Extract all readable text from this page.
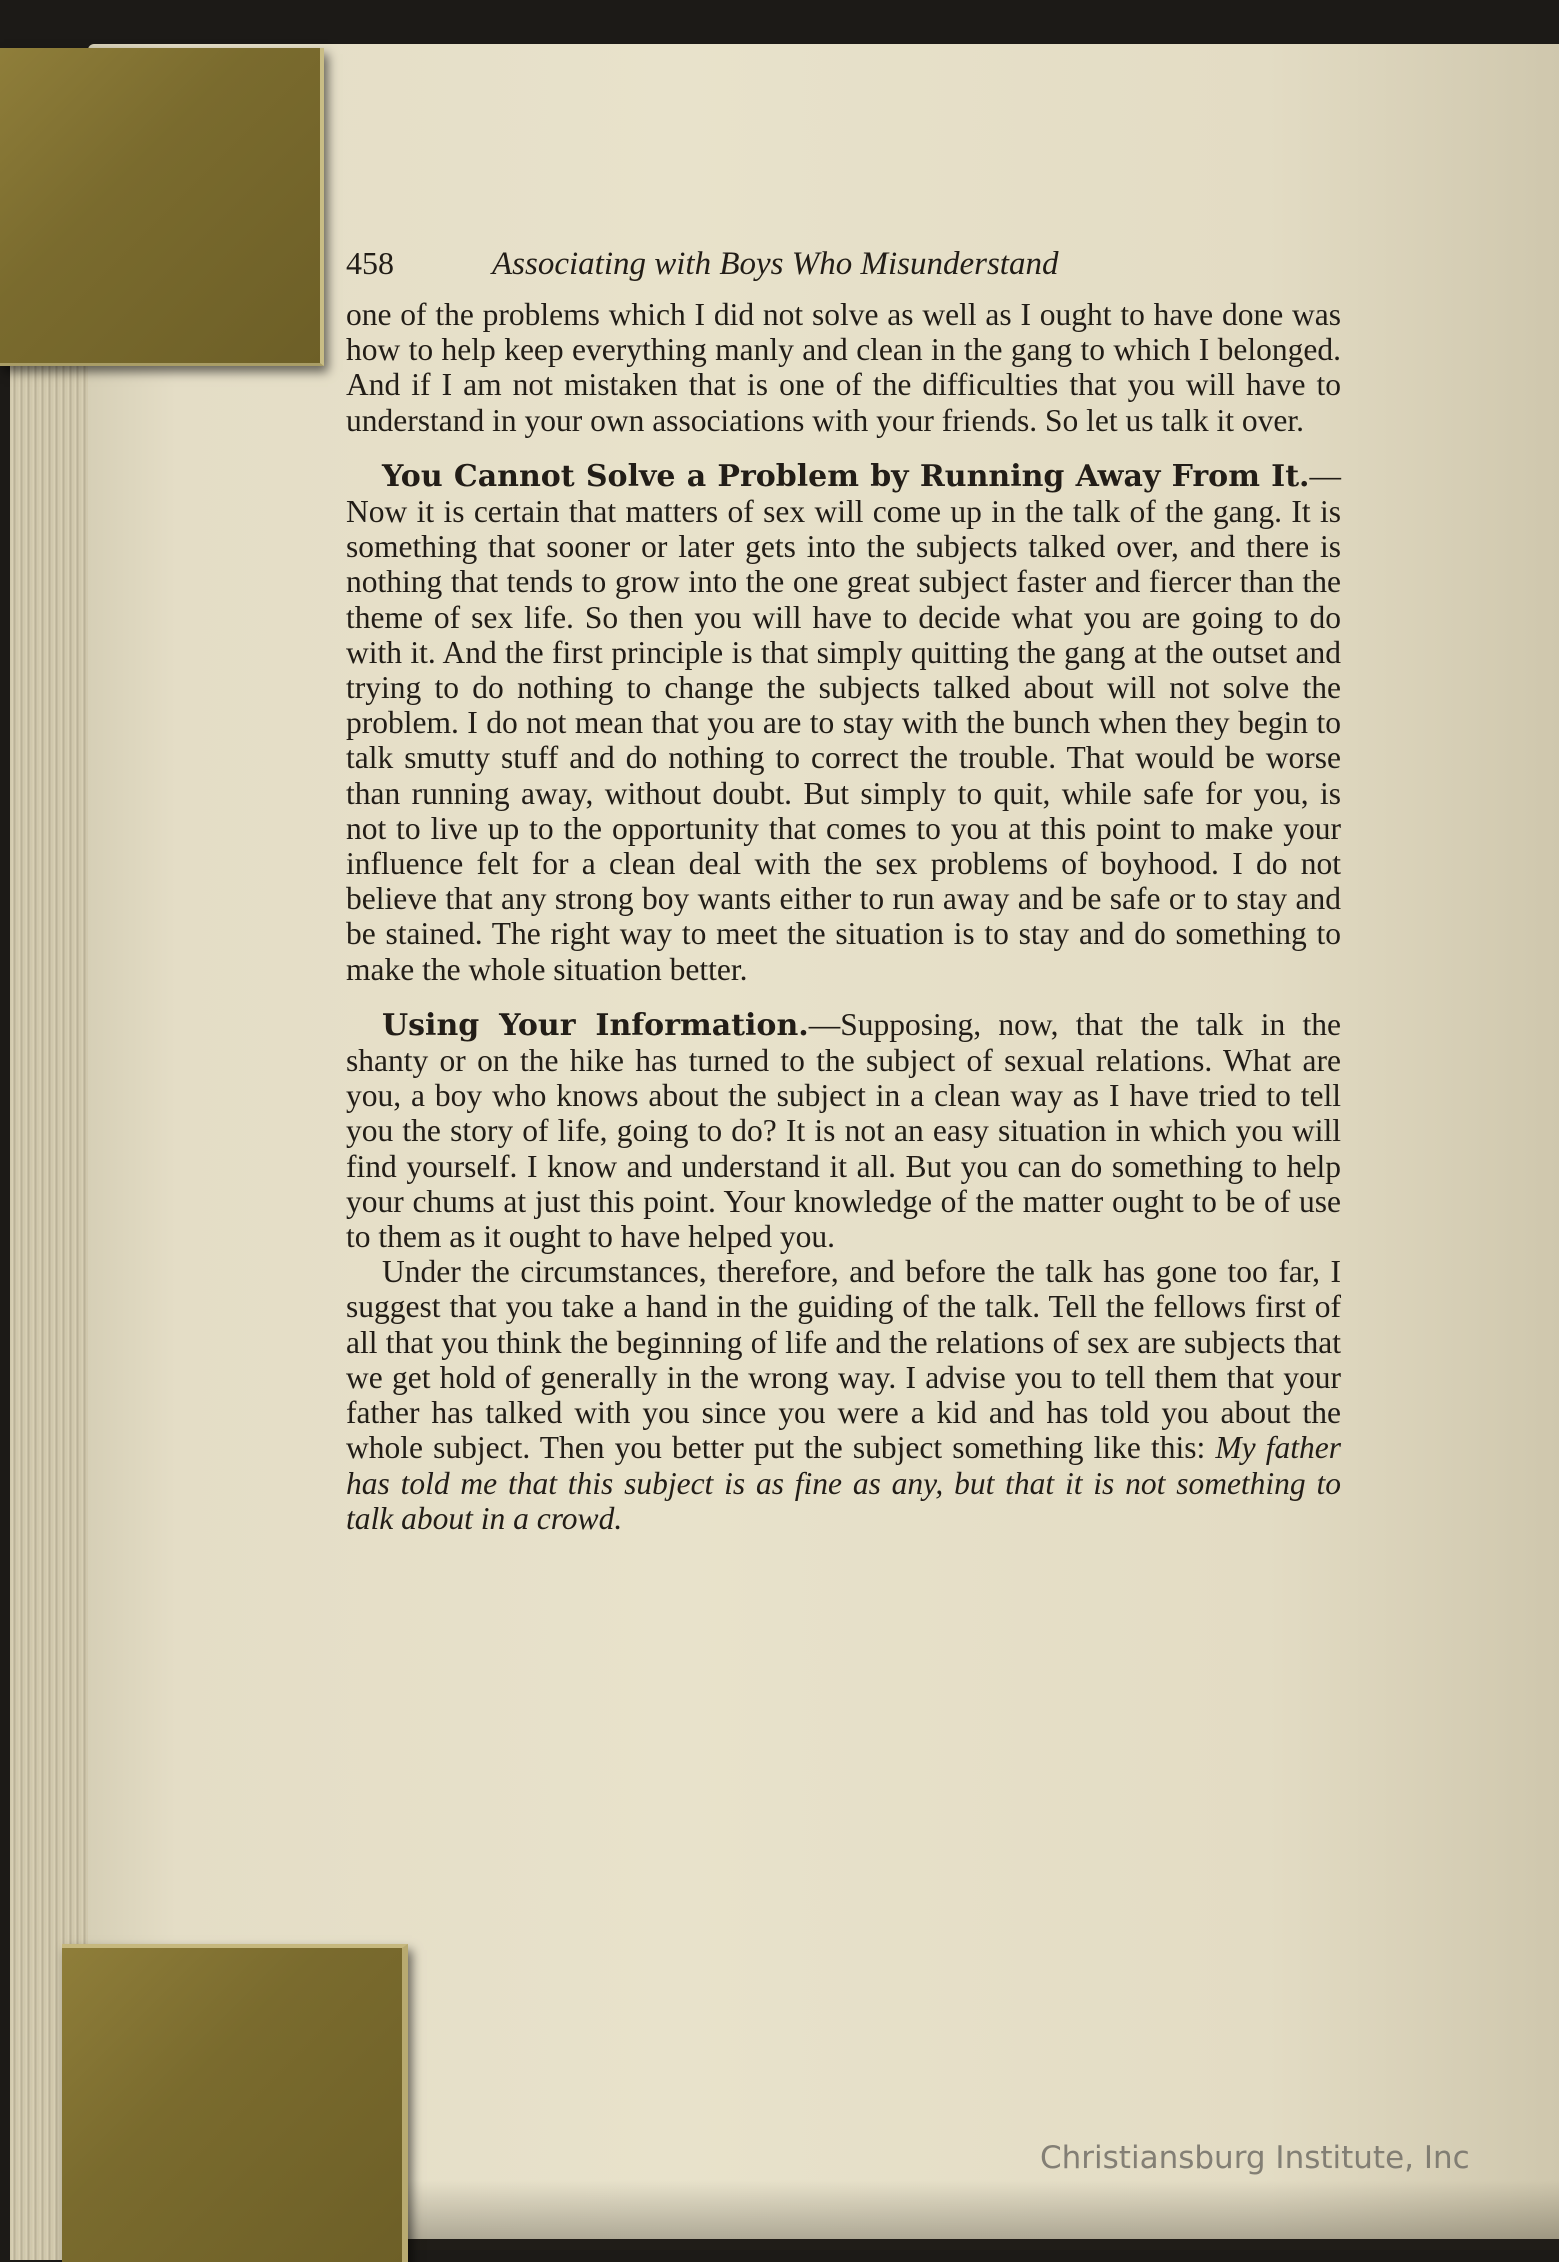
458	Associating with Boys Who Misunderstand

one of the problems which I did not solve as well as I ought to have done was how to help keep everything manly and clean in the gang to which I belonged. And if I am not mistaken that is one of the difficulties that you will have to understand in your own associations with your friends. So let us talk it over.

You Cannot Solve a Problem by Running Away From It.—Now it is certain that matters of sex will come up in the talk of the gang. It is something that sooner or later gets into the subjects talked over, and there is nothing that tends to grow into the one great subject faster and fiercer than the theme of sex life. So then you will have to decide what you are going to do with it. And the first principle is that simply quitting the gang at the outset and trying to do nothing to change the subjects talked about will not solve the problem. I do not mean that you are to stay with the bunch when they begin to talk smutty stuff and do nothing to correct the trouble. That would be worse than running away, without doubt. But simply to quit, while safe for you, is not to live up to the opportunity that comes to you at this point to make your influence felt for a clean deal with the sex problems of boyhood. I do not believe that any strong boy wants either to run away and be safe or to stay and be stained. The right way to meet the situation is to stay and do something to make the whole situation better.

Using Your Information.—Supposing, now, that the talk in the shanty or on the hike has turned to the subject of sexual relations. What are you, a boy who knows about the subject in a clean way as I have tried to tell you the story of life, going to do? It is not an easy situation in which you will find yourself. I know and understand it all. But you can do something to help your chums at just this point. Your knowledge of the matter ought to be of use to them as it ought to have helped you.

Under the circumstances, therefore, and before the talk has gone too far, I suggest that you take a hand in the guiding of the talk. Tell the fellows first of all that you think the beginning of life and the relations of sex are subjects that we get hold of generally in the wrong way. I advise you to tell them that your father has talked with you since you were a kid and has told you about the whole subject. Then you better put the subject something like this: My father has told me that this subject is as fine as any, but that it is not something to talk about in a crowd.

Christiansburg Institute, Inc
